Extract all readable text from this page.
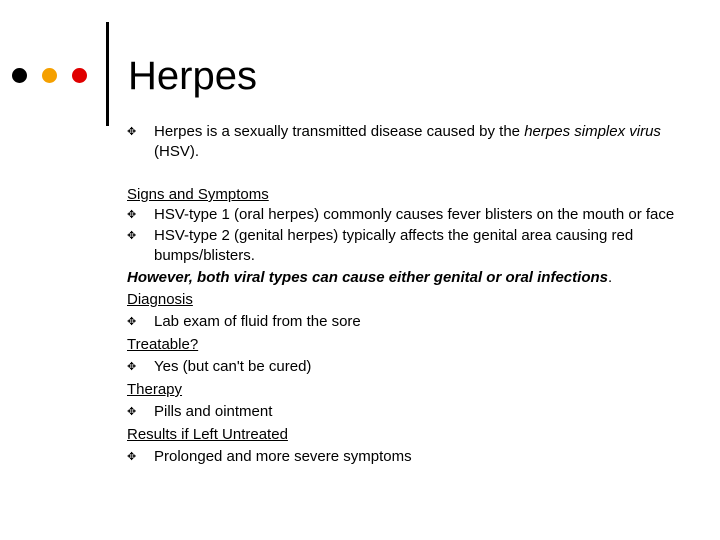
Herpes
✥	Herpes is a sexually transmitted disease caused by the herpes simplex virus (HSV).
Signs and Symptoms
✥	HSV-type 1 (oral herpes) commonly causes fever blisters on the mouth or face
✥	HSV-type 2 (genital herpes) typically affects the genital area causing red bumps/blisters.
However, both viral types can cause either genital or oral infections.
Diagnosis
✥	Lab exam of fluid from the sore
Treatable?
✥	Yes (but can't be cured)
Therapy
✥	Pills and ointment
Results if Left Untreated
✥	Prolonged and more severe symptoms
